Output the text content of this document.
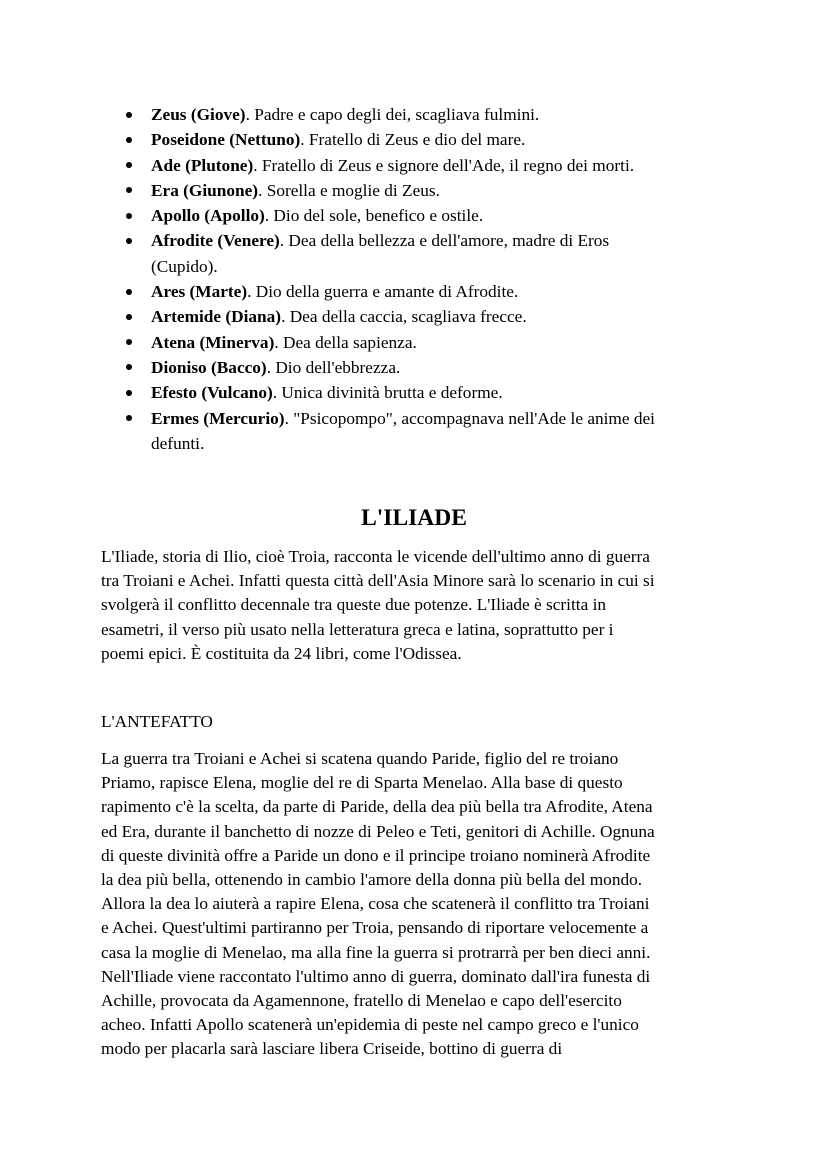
Zeus (Giove). Padre e capo degli dei, scagliava fulmini.
Poseidone (Nettuno). Fratello di Zeus e dio del mare.
Ade (Plutone). Fratello di Zeus e signore dell'Ade, il regno dei morti.
Era (Giunone). Sorella e moglie di Zeus.
Apollo (Apollo). Dio del sole, benefico e ostile.
Afrodite (Venere). Dea della bellezza e dell'amore, madre di Eros
(Cupido).
Ares (Marte). Dio della guerra e amante di Afrodite.
Artemide (Diana). Dea della caccia, scagliava frecce.
Atena (Minerva). Dea della sapienza.
Dioniso (Bacco). Dio dell'ebbrezza.
Efesto (Vulcano). Unica divinità brutta e deforme.
Ermes (Mercurio). "Psicopompo", accompagnava nell'Ade le anime dei
defunti.
L'ILIADE

L'Iliade, storia di Ilio, cioè Troia, racconta le vicende dell'ultimo anno di guerra
tra Troiani e Achei. Infatti questa città dell'Asia Minore sarà lo scenario in cui si
svolgerà il conflitto decennale tra queste due potenze. L'Iliade è scritta in
esametri, il verso più usato nella letteratura greca e latina, soprattutto per i
poemi epici. È costituita da 24 libri, come l'Odissea.

L'ANTEFATTO

La guerra tra Troiani e Achei si scatena quando Paride, figlio del re troiano
Priamo, rapisce Elena, moglie del re di Sparta Menelao. Alla base di questo
rapimento c'è la scelta, da parte di Paride, della dea più bella tra Afrodite, Atena
ed Era, durante il banchetto di nozze di Peleo e Teti, genitori di Achille. Ognuna
di queste divinità offre a Paride un dono e il principe troiano nominerà Afrodite
la dea più bella, ottenendo in cambio l'amore della donna più bella del mondo.
Allora la dea lo aiuterà a rapire Elena, cosa che scatenerà il conflitto tra Troiani
e Achei. Quest'ultimi partiranno per Troia, pensando di riportare velocemente a
casa la moglie di Menelao, ma alla fine la guerra si protrarrà per ben dieci anni.
Nell'Iliade viene raccontato l'ultimo anno di guerra, dominato dall'ira funesta di
Achille, provocata da Agamennone, fratello di Menelao e capo dell'esercito
acheo. Infatti Apollo scatenerà un'epidemia di peste nel campo greco e l'unico
modo per placarla sarà lasciare libera Criseide, bottino di guerra di
